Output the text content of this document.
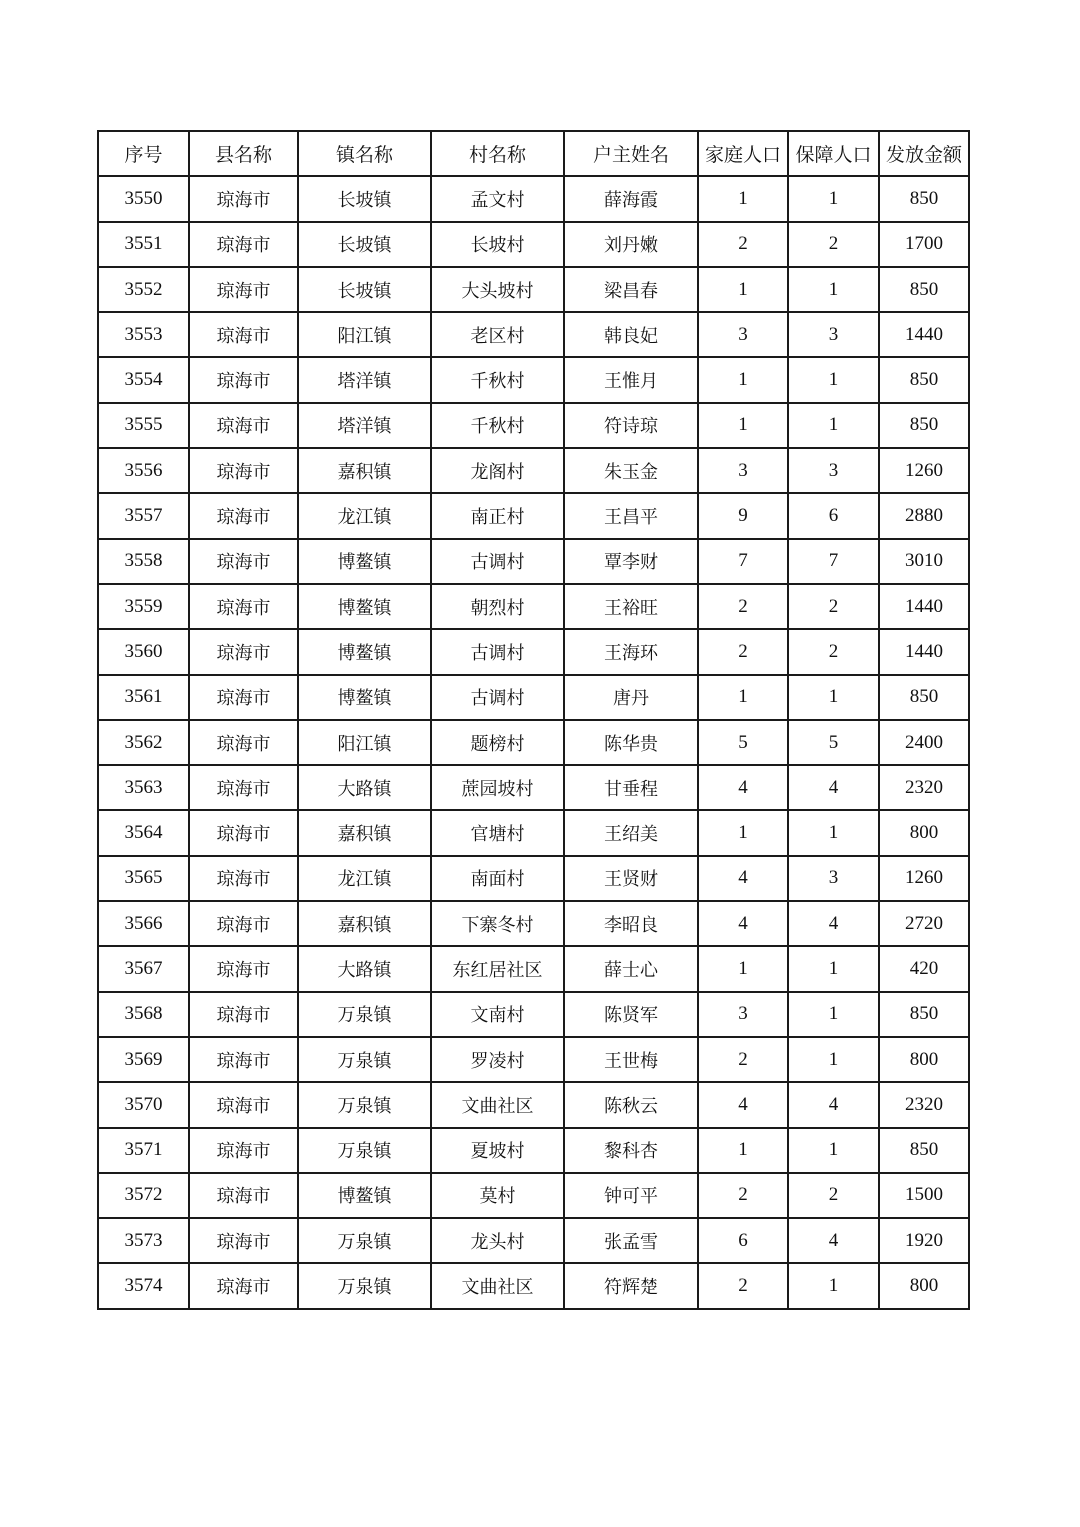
序号	县名称	镇名称	村名称	户主姓名	家庭人口	保障人口	发放金额
3550	琼海市	长坡镇	孟文村	薛海霞	1	1	850
3551	琼海市	长坡镇	长坡村	刘丹嫩	2	2	1700
3552	琼海市	长坡镇	大头坡村	梁昌春	1	1	850
3553	琼海市	阳江镇	老区村	韩良妃	3	3	1440
3554	琼海市	塔洋镇	千秋村	王惟月	1	1	850
3555	琼海市	塔洋镇	千秋村	符诗琼	1	1	850
3556	琼海市	嘉积镇	龙阁村	朱玉金	3	3	1260
3557	琼海市	龙江镇	南正村	王昌平	9	6	2880
3558	琼海市	博鳌镇	古调村	覃李财	7	7	3010
3559	琼海市	博鳌镇	朝烈村	王裕旺	2	2	1440
3560	琼海市	博鳌镇	古调村	王海环	2	2	1440
3561	琼海市	博鳌镇	古调村	唐丹	1	1	850
3562	琼海市	阳江镇	题榜村	陈华贵	5	5	2400
3563	琼海市	大路镇	蔗园坡村	甘垂程	4	4	2320
3564	琼海市	嘉积镇	官塘村	王绍美	1	1	800
3565	琼海市	龙江镇	南面村	王贤财	4	3	1260
3566	琼海市	嘉积镇	下寨冬村	李昭良	4	4	2720
3567	琼海市	大路镇	东红居社区	薛士心	1	1	420
3568	琼海市	万泉镇	文南村	陈贤军	3	1	850
3569	琼海市	万泉镇	罗凌村	王世梅	2	1	800
3570	琼海市	万泉镇	文曲社区	陈秋云	4	4	2320
3571	琼海市	万泉镇	夏坡村	黎科杏	1	1	850
3572	琼海市	博鳌镇	莫村	钟可平	2	2	1500
3573	琼海市	万泉镇	龙头村	张孟雪	6	4	1920
3574	琼海市	万泉镇	文曲社区	符辉楚	2	1	800
